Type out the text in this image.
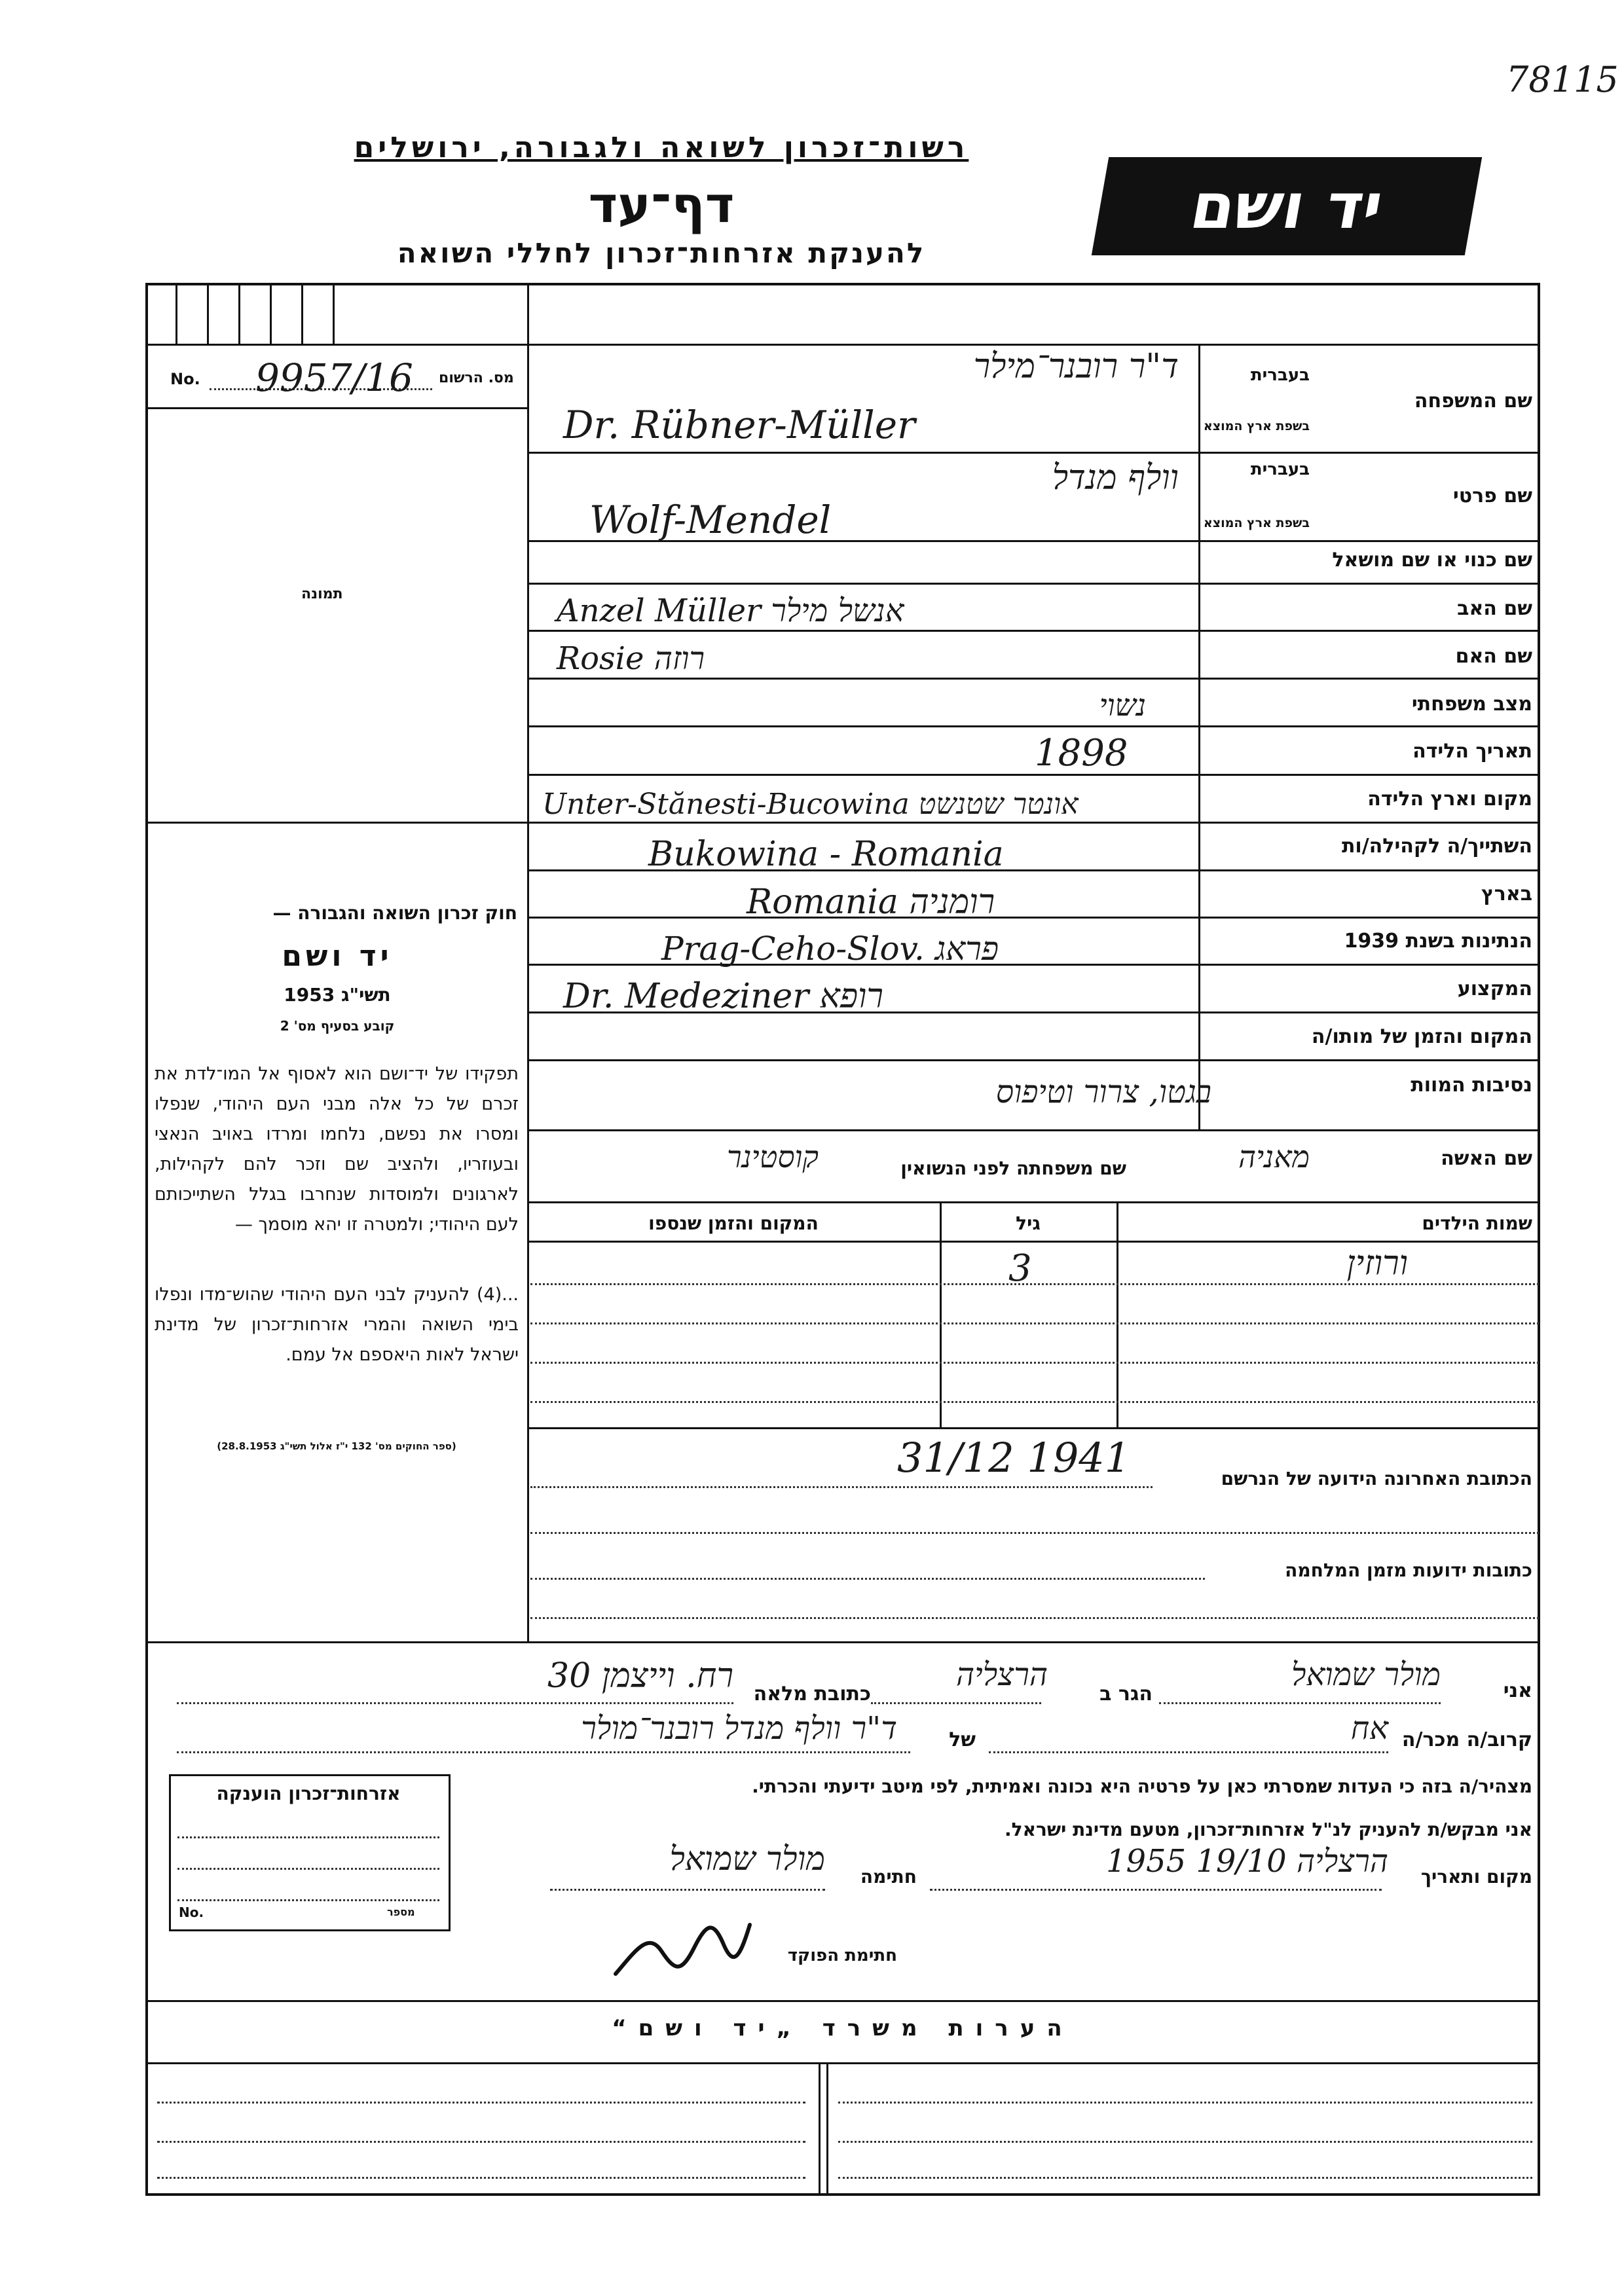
78115
רשות־זכרון לשואה ולגבורה, ירושלים
דף־עד
להענקת אזרחות־זכרון לחללי השואה
יד ושם
No. 9957/16 מס. הרשום
תמונה
חוק זכרון השואה והגבורה —
יד ושם
תשי"ג 1953
קובע בסעיף מס' 2
תפקידו של יד־ושם הוא לאסוף אל המו־לדת את זכרם של כל אלה מבני העם היהודי, שנפלו ומסרו את נפשם, נלחמו ומרדו באויב הנאצי ובעוזריו, ולהציב שם וזכר להם לקהילות, לארגונים ולמוסדות שנחרבו בגלל השתייכותם לעם היהודי; ולמטרה זו יהא מוסמך —
...(4) להעניק לבני העם היהודי שהוש־מדו ונפלו בימי השואה והמרי אזרחות־זכרון של מדינת ישראל לאות היאספם אל עמם.
(ספר החוקים מס' 132 י"ז אלול תשי"ג 28.8.1953)
שם המשפחה
בעברית
בשפת ארץ המוצא
שם פרטי
בעברית
בשפת ארץ המוצא
שם כנוי או שם מושאל
שם האב
שם האם
מצב משפחתי
תאריך הלידה
מקום וארץ הלידה
השתייך/ה לקהילה/ות
בארץ
הנתינות בשנת 1939
המקצוע
המקום והזמן של מותו/ה
נסיבות המוות
ד"ר רובנר־מילר
Dr. Rübner-Müller
וולף מנדל
Wolf-Mendel
Anzel Müller אנשל מילר
Rosie רוזה
נשוי
1898
Unter-Stănesti-Bucowina אונטר שטנשט
Bukowina - Romania
Romania רומניה
Prag-Ceho-Slov. פראג
Dr. Medeziner רופא
בגטו, צרור וטיפוס
שם האשה
מאניה
שם משפחתה לפני הנשואין
קוסטינר
שמות הילדים
גיל
המקום והזמן שנספו
ורוזין
3
31/12 1941	הכתובת האחרונה הידועה של הנרשם
כתובות ידועות מזמן המלחמה
אני
מולר שמואל
הגר ב
הרצליה
כתובת מלאה
רח. וייצמן 30
קרוב/ה מכר/ה
אח
של
ד"ר וולף מנדל רובנר־מולר
מצהיר/ה בזה כי העדות שמסרתי כאן על פרטיה היא נכונה ואמיתית, לפי מיטב ידיעתי והכרתי.
אני מבקש/ת להעניק לנ"ל אזרחות־זכרון, מטעם מדינת ישראל.
מקום ותאריך
הרצליה 19/10 1955
חתימה
מולר שמואל
חתימת הפוקד
אזרחות־זכרון הוענקה
No.	מספר
הערות משרד „יד ושם“
